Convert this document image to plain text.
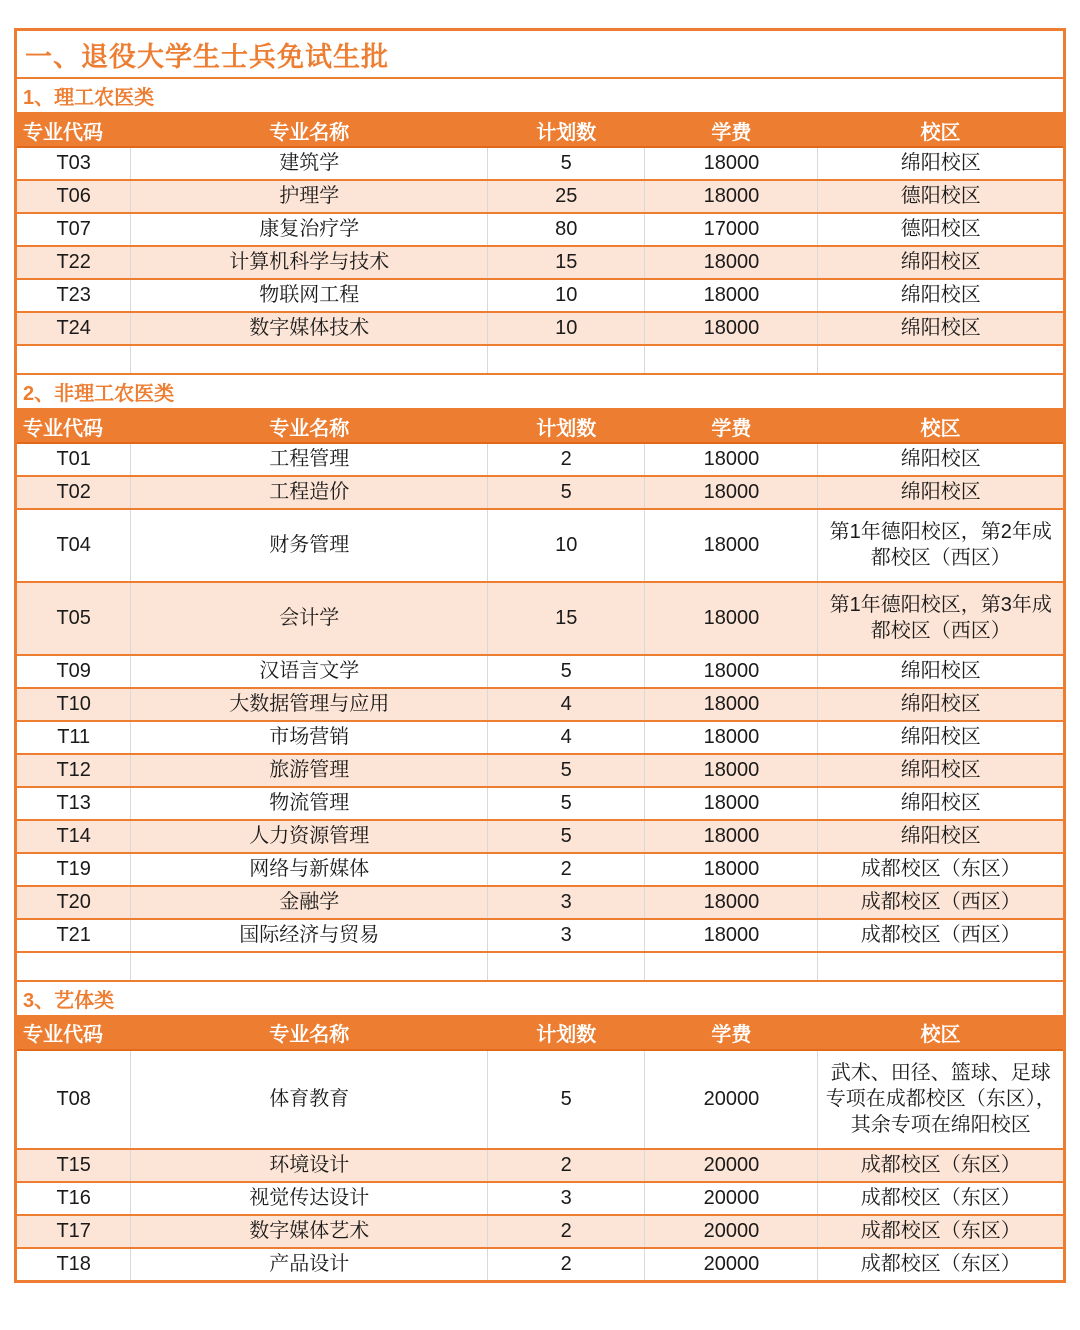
一、退役大学生士兵免试生批				
1、理工农医类				
专业代码	专业名称	计划数	学费	校区
T03	建筑学	5	18000	绵阳校区
T06	护理学	25	18000	德阳校区
T07	康复治疗学	80	17000	德阳校区
T22	计算机科学与技术	15	18000	绵阳校区
T23	物联网工程	10	18000	绵阳校区
T24	数字媒体技术	10	18000	绵阳校区

2、非理工农医类				
专业代码	专业名称	计划数	学费	校区
T01	工程管理	2	18000	绵阳校区
T02	工程造价	5	18000	绵阳校区
T04	财务管理	10	18000	第1年德阳校区，第2年成都校区（西区）
T05	会计学	15	18000	第1年德阳校区，第3年成都校区（西区）
T09	汉语言文学	5	18000	绵阳校区
T10	大数据管理与应用	4	18000	绵阳校区
T11	市场营销	4	18000	绵阳校区
T12	旅游管理	5	18000	绵阳校区
T13	物流管理	5	18000	绵阳校区
T14	人力资源管理	5	18000	绵阳校区
T19	网络与新媒体	2	18000	成都校区（东区）
T20	金融学	3	18000	成都校区（西区）
T21	国际经济与贸易	3	18000	成都校区（西区）

3、艺体类				
专业代码	专业名称	计划数	学费	校区
T08	体育教育	5	20000	武术、田径、篮球、足球专项在成都校区（东区），其余专项在绵阳校区
T15	环境设计	2	20000	成都校区（东区）
T16	视觉传达设计	3	20000	成都校区（东区）
T17	数字媒体艺术	2	20000	成都校区（东区）
T18	产品设计	2	20000	成都校区（东区）
